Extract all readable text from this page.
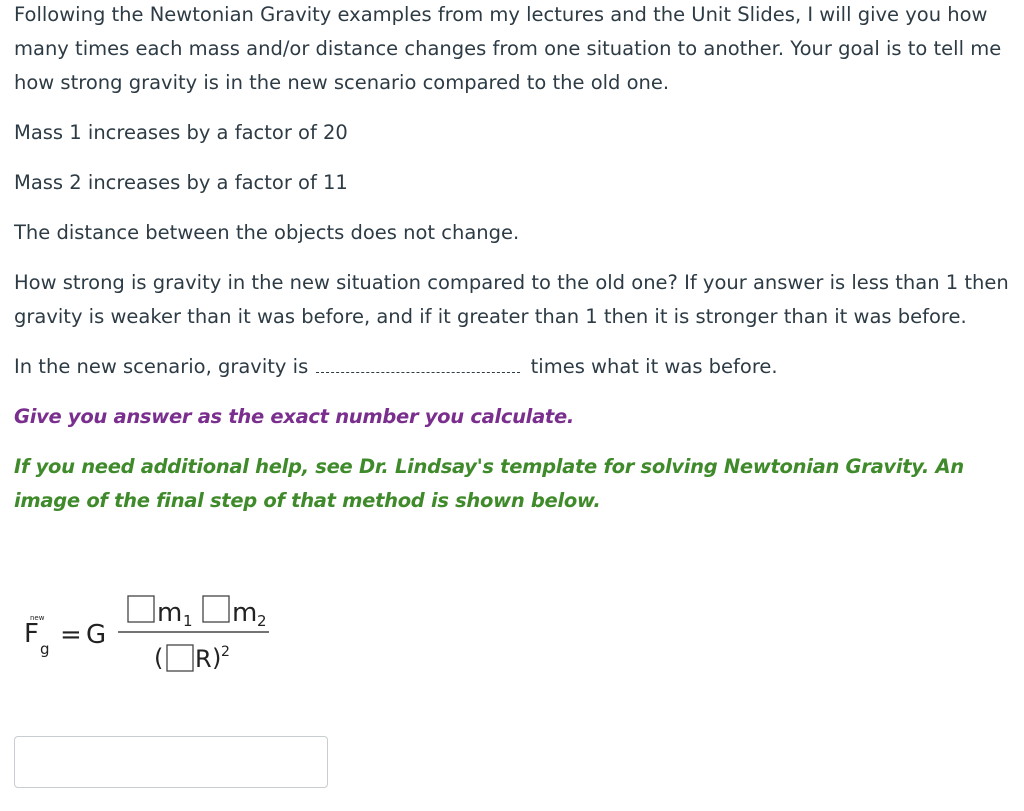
Following the Newtonian Gravity examples from my lectures and the Unit Slides, I will give you how many times each mass and/or distance changes from one situation to another. Your goal is to tell me how strong gravity is in the new scenario compared to the old one.

Mass 1 increases by a factor of 20

Mass 2 increases by a factor of 11

The distance between the objects does not change.

How strong is gravity in the new situation compared to the old one? If your answer is less than 1 then gravity is weaker than it was before, and if it greater than 1 then it is stronger than it was before.

In the new scenario, gravity is	times what it was before.

Give you answer as the exact number you calculate.

If you need additional help, see Dr. Lindsay's template for solving Newtonian Gravity. An image of the final step of that method is shown below.

F
new
g = G
m 1 m 2
( R ) 2
